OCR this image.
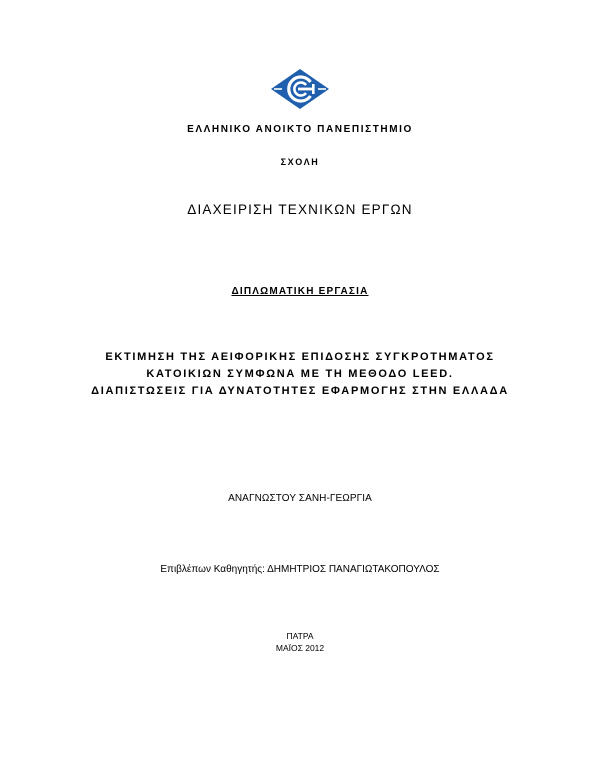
ΕΛΛΗΝΙΚΟ ΑΝΟΙΚΤΟ ΠΑΝΕΠΙΣΤΗΜΙΟ
ΣΧΟΛΗ
ΔΙΑΧΕΙΡΙΣΗ ΤΕΧΝΙΚΩΝ ΕΡΓΩΝ
ΔΙΠΛΩΜΑΤΙΚΗ ΕΡΓΑΣΙΑ
ΕΚΤΙΜΗΣΗ ΤΗΣ ΑΕΙΦΟΡΙΚΗΣ ΕΠΙΔΟΣΗΣ ΣΥΓΚΡΟΤΗΜΑΤΟΣ
ΚΑΤΟΙΚΙΩΝ ΣΥΜΦΩΝΑ ΜΕ ΤΗ ΜΕΘΟΔΟ LEED.
ΔΙΑΠΙΣΤΩΣΕΙΣ ΓΙΑ ΔΥΝΑΤΟΤΗΤΕΣ ΕΦΑΡΜΟΓΗΣ ΣΤΗΝ ΕΛΛΑΔΑ
ΑΝΑΓΝΩΣΤΟΥ ΣΑΝΗ-ΓΕΩΡΓΙΑ
Επιβλέπων Καθηγητής: ΔΗΜΗΤΡΙΟΣ ΠΑΝΑΓΙΩΤΑΚΟΠΟΥΛΟΣ
ΠΑΤΡΑ
ΜΑΪΟΣ 2012
